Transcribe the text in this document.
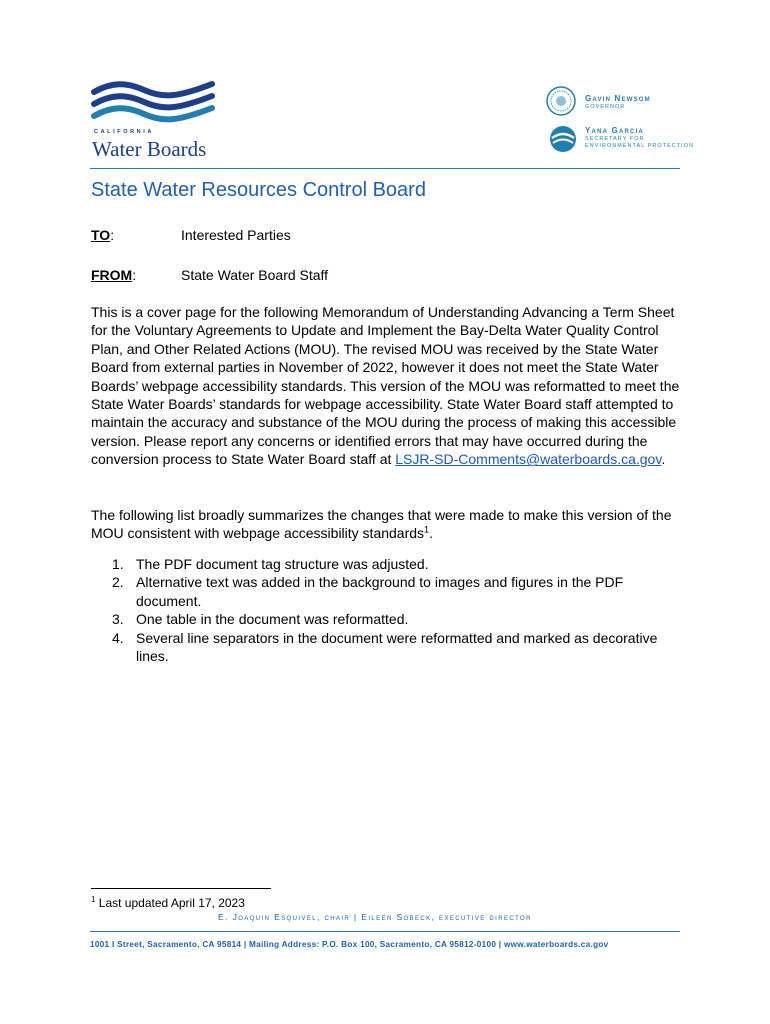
CALIFORNIA
Water Boards
Gavin Newsom
GOVERNOR
Yana Garcia
SECRETARY FOR ENVIRONMENTAL PROTECTION
State Water Resources Control Board
TO:	Interested Parties
FROM:	State Water Board Staff
This is a cover page for the following Memorandum of Understanding Advancing a Term Sheet for the Voluntary Agreements to Update and Implement the Bay-Delta Water Quality Control Plan, and Other Related Actions (MOU). The revised MOU was received by the State Water Board from external parties in November of 2022, however it does not meet the State Water Boards’ webpage accessibility standards. This version of the MOU was reformatted to meet the State Water Boards’ standards for webpage accessibility. State Water Board staff attempted to maintain the accuracy and substance of the MOU during the process of making this accessible version. Please report any concerns or identified errors that may have occurred during the conversion process to State Water Board staff at LSJR-SD-Comments@waterboards.ca.gov.
The following list broadly summarizes the changes that were made to make this version of the MOU consistent with webpage accessibility standards$^1$.
1. The PDF document tag structure was adjusted.
2. Alternative text was added in the background to images and figures in the PDF document.
3. One table in the document was reformatted.
4. Several line separators in the document were reformatted and marked as decorative lines.
$^1$ Last updated April 17, 2023
E. Joaquin Esquivel, chair | Eileen Sobeck, executive director
1001 I Street, Sacramento, CA 95814 | Mailing Address: P.O. Box 100, Sacramento, CA 95812-0100 | www.waterboards.ca.gov
